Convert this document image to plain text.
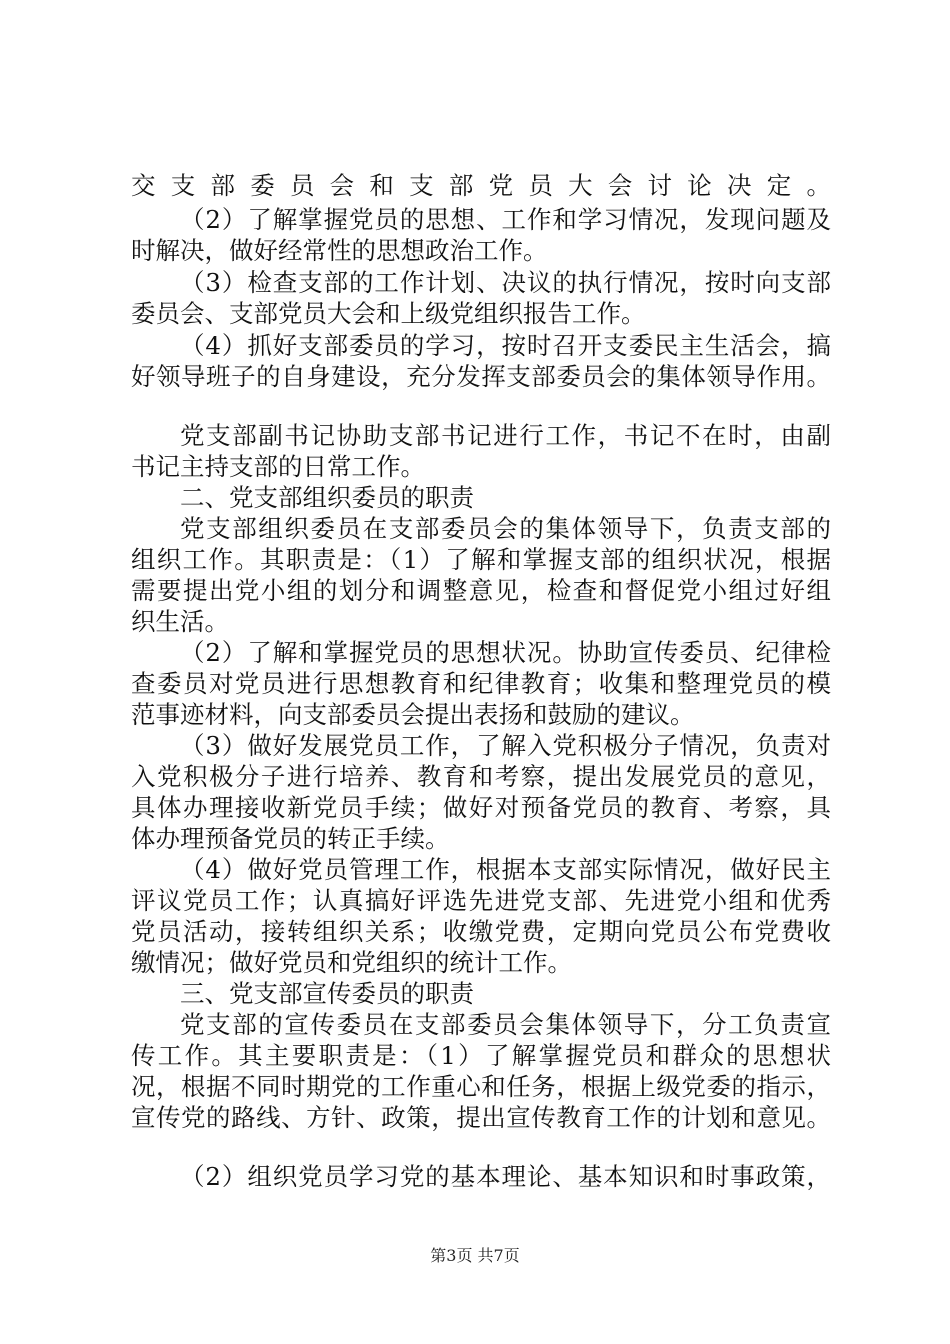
交支部委员会和支部党员大会讨论决定。
（2）了解掌握党员的思想、工作和学习情况，发现问题及
时解决，做好经常性的思想政治工作。
（3）检查支部的工作计划、决议的执行情况，按时向支部
委员会、支部党员大会和上级党组织报告工作。
（4）抓好支部委员的学习，按时召开支委民主生活会，搞
好领导班子的自身建设，充分发挥支部委员会的集体领导作用。
党支部副书记协助支部书记进行工作，书记不在时，由副
书记主持支部的日常工作。
二、党支部组织委员的职责
党支部组织委员在支部委员会的集体领导下，负责支部的
组织工作。其职责是：（1）了解和掌握支部的组织状况，根据
需要提出党小组的划分和调整意见，检查和督促党小组过好组
织生活。
（2）了解和掌握党员的思想状况。协助宣传委员、纪律检
查委员对党员进行思想教育和纪律教育；收集和整理党员的模
范事迹材料，向支部委员会提出表扬和鼓励的建议。
（3）做好发展党员工作，了解入党积极分子情况，负责对
入党积极分子进行培养、教育和考察，提出发展党员的意见，
具体办理接收新党员手续；做好对预备党员的教育、考察，具
体办理预备党员的转正手续。
（4）做好党员管理工作，根据本支部实际情况，做好民主
评议党员工作；认真搞好评选先进党支部、先进党小组和优秀
党员活动，接转组织关系；收缴党费，定期向党员公布党费收
缴情况；做好党员和党组织的统计工作。
三、党支部宣传委员的职责
党支部的宣传委员在支部委员会集体领导下，分工负责宣
传工作。其主要职责是：（1）了解掌握党员和群众的思想状
况，根据不同时期党的工作重心和任务，根据上级党委的指示，
宣传党的路线、方针、政策，提出宣传教育工作的计划和意见。
（2）组织党员学习党的基本理论、基本知识和时事政策，
第3页 共7页
